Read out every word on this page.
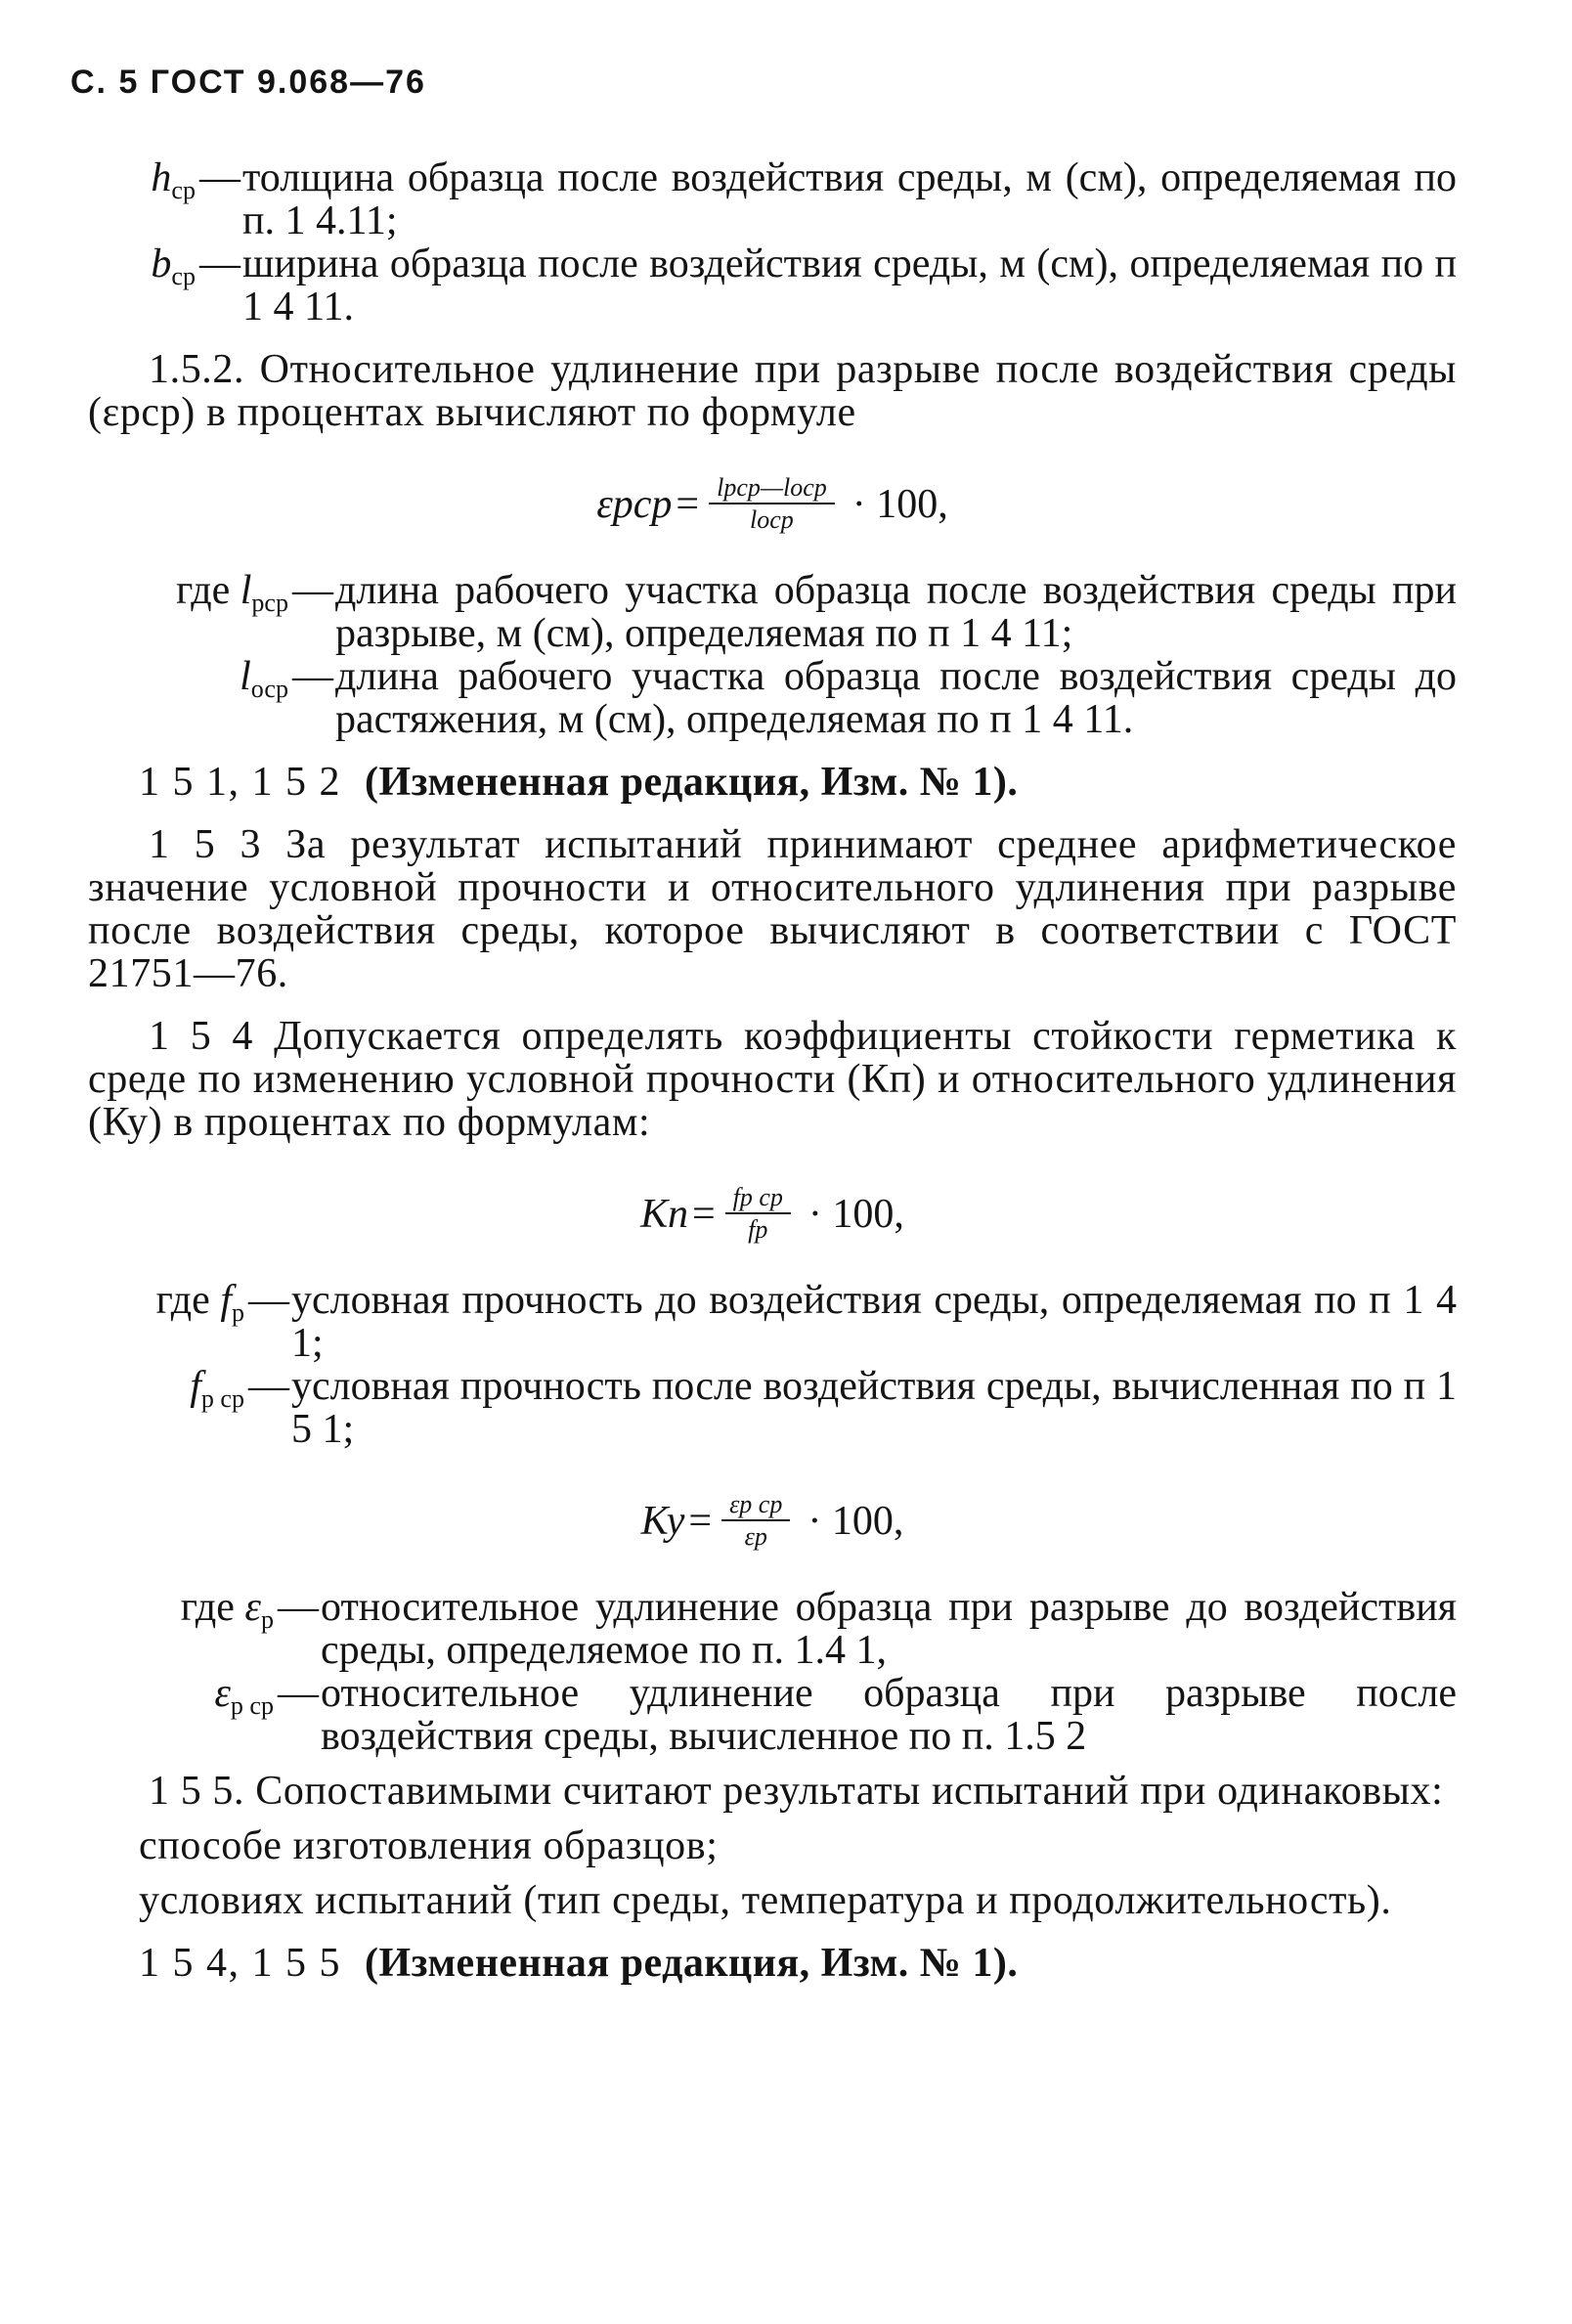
С. 5 ГОСТ 9.068—76
$h_{ср}$ — толщина образца после воздействия среды, м (см), определяемая по п. 1 4.11;
$b_{ср}$ — ширина образца после воздействия среды, м (см), определяемая по п 1 4 11.

1.5.2. Относительное удлинение при разрыве после воздействия среды (εрср) в процентах вычисляют по формуле

$\varepsilon рср = \frac{\text{lрср—lоср}}{\text{lоср}} \cdot 100$,
где $l_{рср}$ — длина рабочего участка образца после воздействия среды при разрыве, м (см), определяемая по п 1 4 11;
$l_{оср}$ — длина рабочего участка образца после воздействия среды до растяжения, м (см), определяемая по п 1 4 11.

1 5 1, 1 5 2 (Измененная редакция, Изм. № 1).

1 5 3 За результат испытаний принимают среднее арифметическое значение условной прочности и относительного удлинения при разрыве после воздействия среды, которое вычисляют в соответствии с ГОСТ 21751—76.

1 5 4 Допускается определять коэффициенты стойкости герметика к среде по изменению условной прочности (Кп) и относительного удлинения (Ку) в процентах по формулам:

Кп = $\frac{\text{fр ср}}{fр} \cdot 100$,
где $f_р$ — условная прочность до воздействия среды, определяемая по п 1 4 1;
$f_{р ср}$ — условная прочность после воздействия среды, вычисленная по п 1 5 1;
Ку = $\frac{\text{εр ср}}{\varepsilon р} \cdot 100$,
где $\varepsilon_р$ — относительное удлинение образца при разрыве до воздействия среды, определяемое по п. 1.4 1,
$\varepsilon_{р ср}$ — относительное удлинение образца при разрыве после воздействия среды, вычисленное по п. 1.5 2

1 5 5. Сопоставимыми считают результаты испытаний при одинаковых:

способе изготовления образцов;

условиях испытаний (тип среды, температура и продолжительность).

1 5 4, 1 5 5 (Измененная редакция, Изм. № 1).
